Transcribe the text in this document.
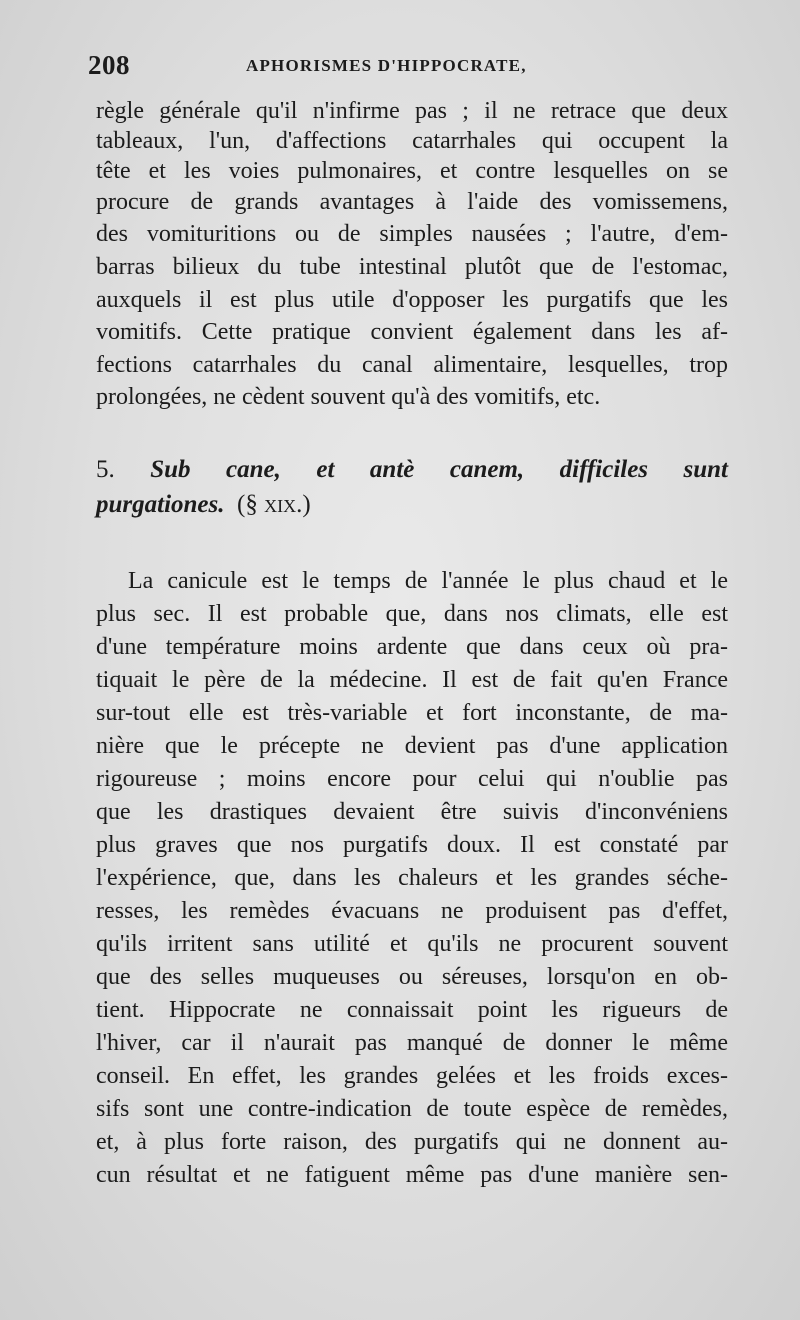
208	APHORISMES D'HIPPOCRATE,
règle générale qu'il n'infirme pas ; il ne retrace que deux
tableaux, l'un, d'affections catarrhales qui occupent la
tête et les voies pulmonaires, et contre lesquelles on se
procure de grands avantages à l'aide des vomissemens,
des vomituritions ou de simples nausées ; l'autre, d'em-
barras bilieux du tube intestinal plutôt que de l'estomac,
auxquels il est plus utile d'opposer les purgatifs que les
vomitifs. Cette pratique convient également dans les af-
fections catarrhales du canal alimentaire, lesquelles, trop
prolongées, ne cèdent souvent qu'à des vomitifs, etc.
5. Sub cane, et antè canem, difficiles sunt
purgationes. (§ xix.)
La canicule est le temps de l'année le plus chaud et le
plus sec. Il est probable que, dans nos climats, elle est
d'une température moins ardente que dans ceux où pra-
tiquait le père de la médecine. Il est de fait qu'en France
sur-tout elle est très-variable et fort inconstante, de ma-
nière que le précepte ne devient pas d'une application
rigoureuse ; moins encore pour celui qui n'oublie pas
que les drastiques devaient être suivis d'inconvéniens
plus graves que nos purgatifs doux. Il est constaté par
l'expérience, que, dans les chaleurs et les grandes séche-
resses, les remèdes évacuans ne produisent pas d'effet,
qu'ils irritent sans utilité et qu'ils ne procurent souvent
que des selles muqueuses ou séreuses, lorsqu'on en ob-
tient. Hippocrate ne connaissait point les rigueurs de
l'hiver, car il n'aurait pas manqué de donner le même
conseil. En effet, les grandes gelées et les froids exces-
sifs sont une contre-indication de toute espèce de remèdes,
et, à plus forte raison, des purgatifs qui ne donnent au-
cun résultat et ne fatiguent même pas d'une manière sen-
